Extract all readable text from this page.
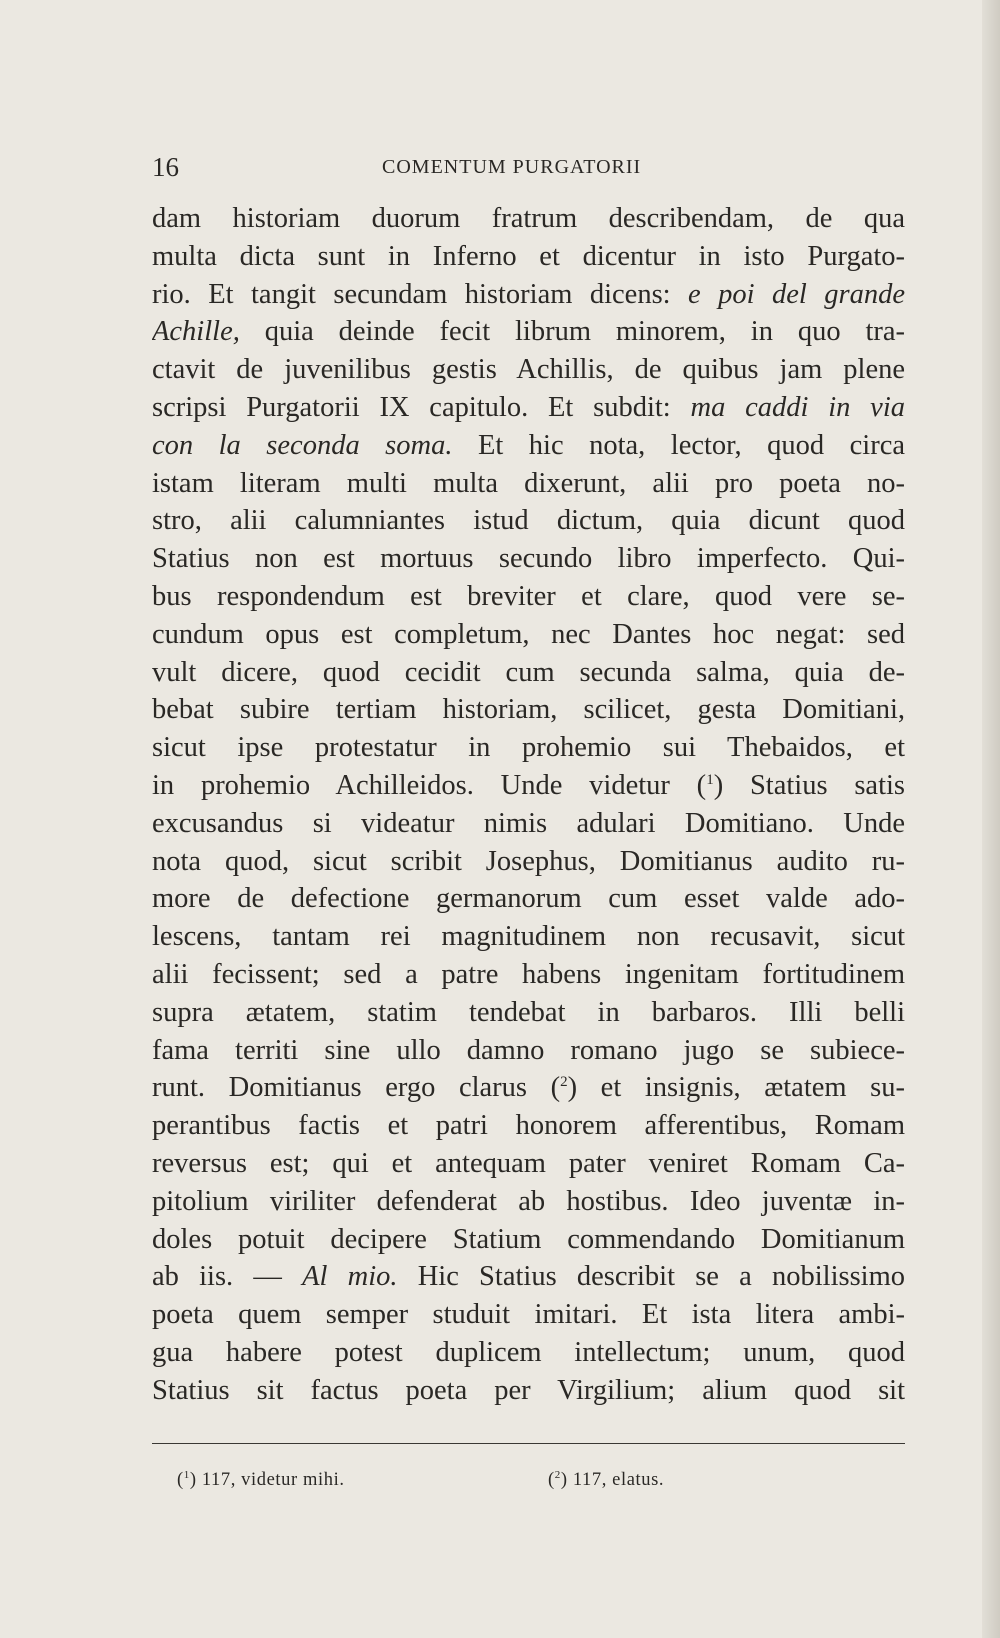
16	COMENTUM PURGATORII
dam historiam duorum fratrum describendam, de qua
multa dicta sunt in Inferno et dicentur in isto Purgato-
rio. Et tangit secundam historiam dicens: e poi del grande
Achille, quia deinde fecit librum minorem, in quo tra-
ctavit de juvenilibus gestis Achillis, de quibus jam plene
scripsi Purgatorii IX capitulo. Et subdit: ma caddi in via
con la seconda soma. Et hic nota, lector, quod circa
istam literam multi multa dixerunt, alii pro poeta no-
stro, alii calumniantes istud dictum, quia dicunt quod
Statius non est mortuus secundo libro imperfecto. Qui-
bus respondendum est breviter et clare, quod vere se-
cundum opus est completum, nec Dantes hoc negat: sed
vult dicere, quod cecidit cum secunda salma, quia de-
bebat subire tertiam historiam, scilicet, gesta Domitiani,
sicut ipse protestatur in prohemio sui Thebaidos, et
in prohemio Achilleidos. Unde videtur ($^1$) Statius satis
excusandus si videatur nimis adulari Domitiano. Unde
nota quod, sicut scribit Josephus, Domitianus audito ru-
more de defectione germanorum cum esset valde ado-
lescens, tantam rei magnitudinem non recusavit, sicut
alii fecissent; sed a patre habens ingenitam fortitudinem
supra ætatem, statim tendebat in barbaros. Illi belli
fama territi sine ullo damno romano jugo se subiece-
runt. Domitianus ergo clarus ($^2$) et insignis, ætatem su-
perantibus factis et patri honorem afferentibus, Romam
reversus est; qui et antequam pater veniret Romam Ca-
pitolium viriliter defenderat ab hostibus. Ideo juventæ in-
doles potuit decipere Statium commendando Domitianum
ab iis. — Al mio. Hic Statius describit se a nobilissimo
poeta quem semper studuit imitari. Et ista litera ambi-
gua habere potest duplicem intellectum; unum, quod
Statius sit factus poeta per Virgilium; alium quod sit
($^1$) 117, videtur mihi.	($^2$) 117, elatus.
